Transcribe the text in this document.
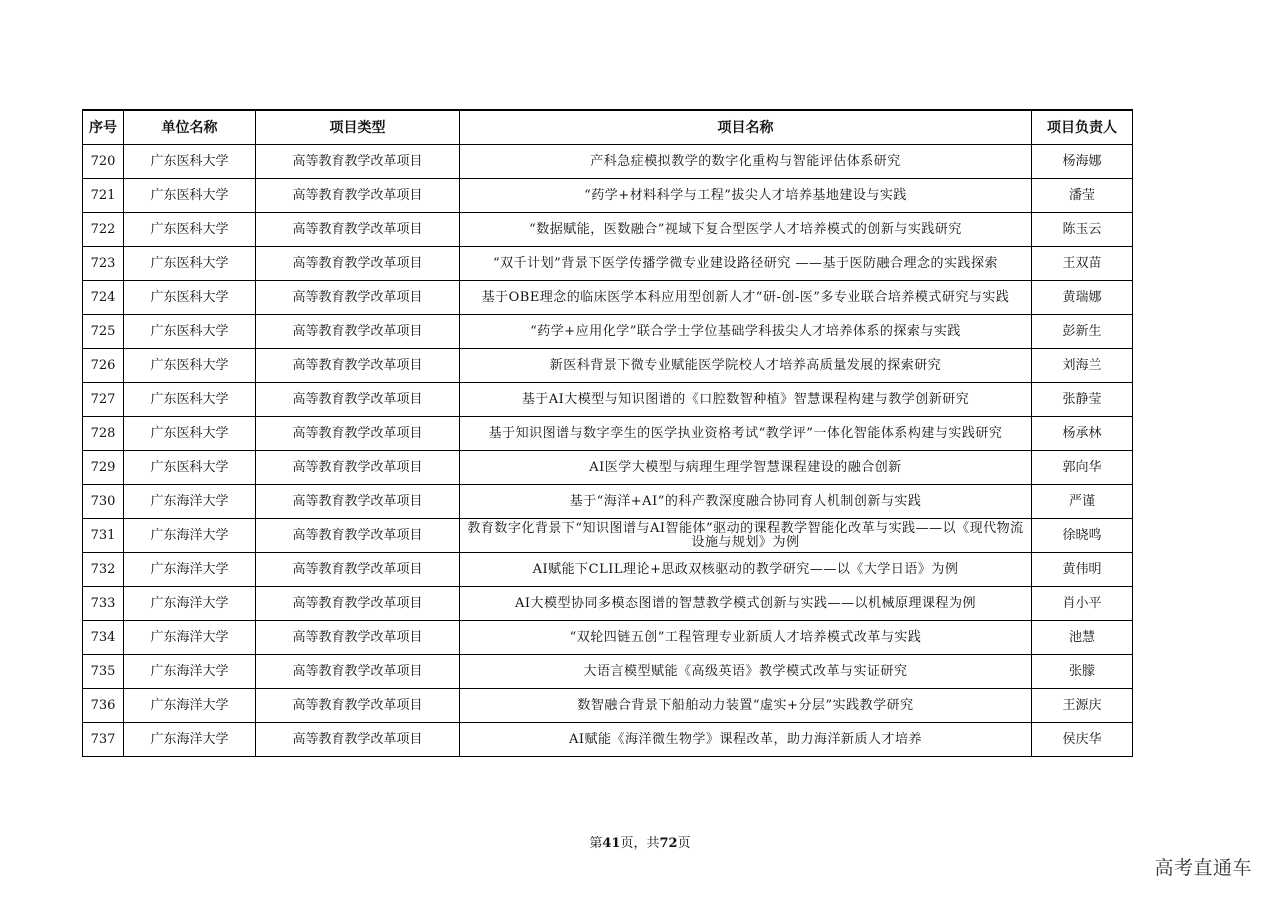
序号	单位名称	项目类型	项目名称	项目负责人
720	广东医科大学	高等教育教学改革项目	产科急症模拟教学的数字化重构与智能评估体系研究	杨海娜
721	广东医科大学	高等教育教学改革项目	“药学+材料科学与工程”拔尖人才培养基地建设与实践	潘莹
722	广东医科大学	高等教育教学改革项目	“数据赋能，医数融合”视域下复合型医学人才培养模式的创新与实践研究	陈玉云
723	广东医科大学	高等教育教学改革项目	“双千计划”背景下医学传播学微专业建设路径研究 ——基于医防融合理念的实践探索	王双苗
724	广东医科大学	高等教育教学改革项目	基于OBE理念的临床医学本科应用型创新人才“研-创-医”多专业联合培养模式研究与实践	黄瑞娜
725	广东医科大学	高等教育教学改革项目	“药学+应用化学”联合学士学位基础学科拔尖人才培养体系的探索与实践	彭新生
726	广东医科大学	高等教育教学改革项目	新医科背景下微专业赋能医学院校人才培养高质量发展的探索研究	刘海兰
727	广东医科大学	高等教育教学改革项目	基于AI大模型与知识图谱的《口腔数智种植》智慧课程构建与教学创新研究	张静莹
728	广东医科大学	高等教育教学改革项目	基于知识图谱与数字孪生的医学执业资格考试“教学评”一体化智能体系构建与实践研究	杨承林
729	广东医科大学	高等教育教学改革项目	AI医学大模型与病理生理学智慧课程建设的融合创新	郭向华
730	广东海洋大学	高等教育教学改革项目	基于“海洋+AI”的科产教深度融合协同育人机制创新与实践	严谨
731	广东海洋大学	高等教育教学改革项目	教育数字化背景下“知识图谱与AI智能体”驱动的课程教学智能化改革与实践——以《现代物流设施与规划》为例	徐晓鸣
732	广东海洋大学	高等教育教学改革项目	AI赋能下CLIL理论+思政双核驱动的教学研究——以《大学日语》为例	黄伟明
733	广东海洋大学	高等教育教学改革项目	AI大模型协同多模态图谱的智慧教学模式创新与实践——以机械原理课程为例	肖小平
734	广东海洋大学	高等教育教学改革项目	“双轮四链五创”工程管理专业新质人才培养模式改革与实践	池慧
735	广东海洋大学	高等教育教学改革项目	大语言模型赋能《高级英语》教学模式改革与实证研究	张朦
736	广东海洋大学	高等教育教学改革项目	数智融合背景下船舶动力装置“虚实+分层”实践教学研究	王源庆
737	广东海洋大学	高等教育教学改革项目	AI赋能《海洋微生物学》课程改革，助力海洋新质人才培养	侯庆华
第41页，共72页
高考直通车
